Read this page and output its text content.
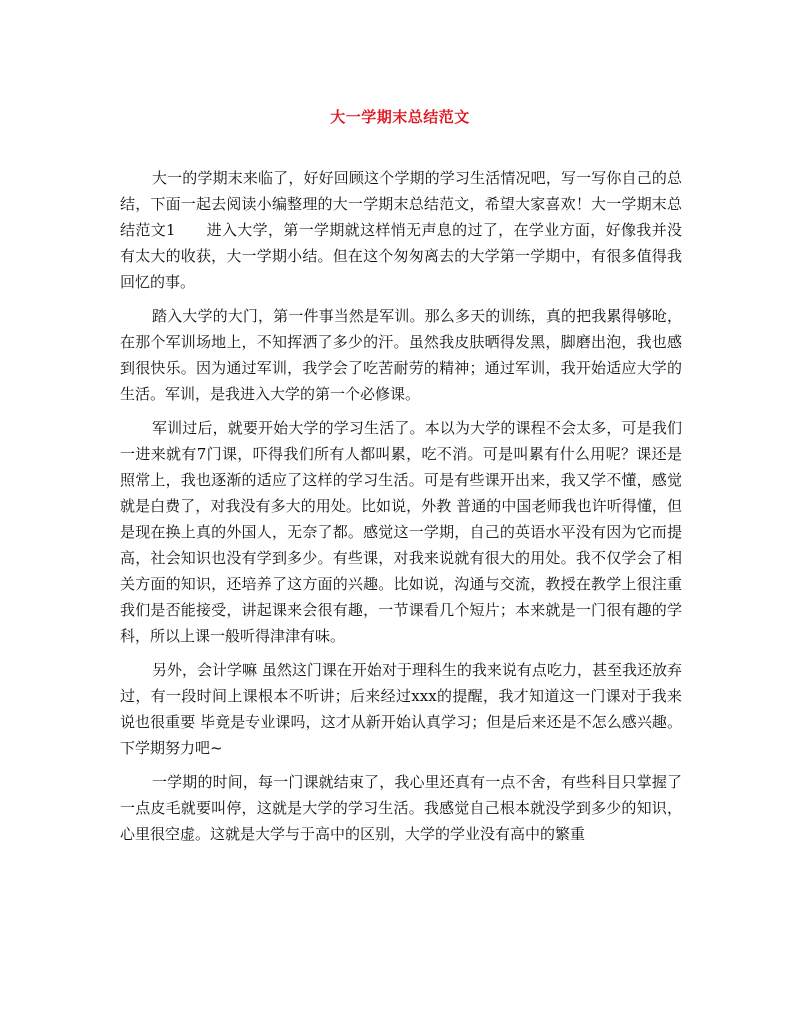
大一学期末总结范文

大一的学期末来临了，好好回顾这个学期的学习生活情况吧，写一写你自己的总结，下面一起去阅读小编整理的大一学期末总结范文，希望大家喜欢！大一学期末总结范文1　　进入大学，第一学期就这样悄无声息的过了，在学业方面，好像我并没有太大的收获，大一学期小结。但在这个匆匆离去的大学第一学期中，有很多值得我回忆的事。

踏入大学的大门，第一件事当然是军训。那么多天的训练，真的把我累得够呛，在那个军训场地上，不知挥洒了多少的汗。虽然我皮肤晒得发黑，脚磨出泡，我也感到很快乐。因为通过军训，我学会了吃苦耐劳的精神；通过军训，我开始适应大学的生活。军训，是我进入大学的第一个必修课。

军训过后，就要开始大学的学习生活了。本以为大学的课程不会太多，可是我们一进来就有7门课，吓得我们所有人都叫累，吃不消。可是叫累有什么用呢？课还是照常上，我也逐渐的适应了这样的学习生活。可是有些课开出来，我又学不懂，感觉就是白费了，对我没有多大的用处。比如说，外教 普通的中国老师我也许听得懂，但是现在换上真的外国人，无奈了都。感觉这一学期，自己的英语水平没有因为它而提高，社会知识也没有学到多少。有些课，对我来说就有很大的用处。我不仅学会了相关方面的知识，还培养了这方面的兴趣。比如说，沟通与交流，教授在教学上很注重我们是否能接受，讲起课来会很有趣，一节课看几个短片；本来就是一门很有趣的学科，所以上课一般听得津津有味。

另外，会计学嘛 虽然这门课在开始对于理科生的我来说有点吃力，甚至我还放弃过，有一段时间上课根本不听讲；后来经过xxx的提醒，我才知道这一门课对于我来说也很重要 毕竟是专业课吗，这才从新开始认真学习；但是后来还是不怎么感兴趣。下学期努力吧~

一学期的时间，每一门课就结束了，我心里还真有一点不舍，有些科目只掌握了一点皮毛就要叫停，这就是大学的学习生活。我感觉自己根本就没学到多少的知识，心里很空虚。这就是大学与于高中的区别，大学的学业没有高中的繁重
